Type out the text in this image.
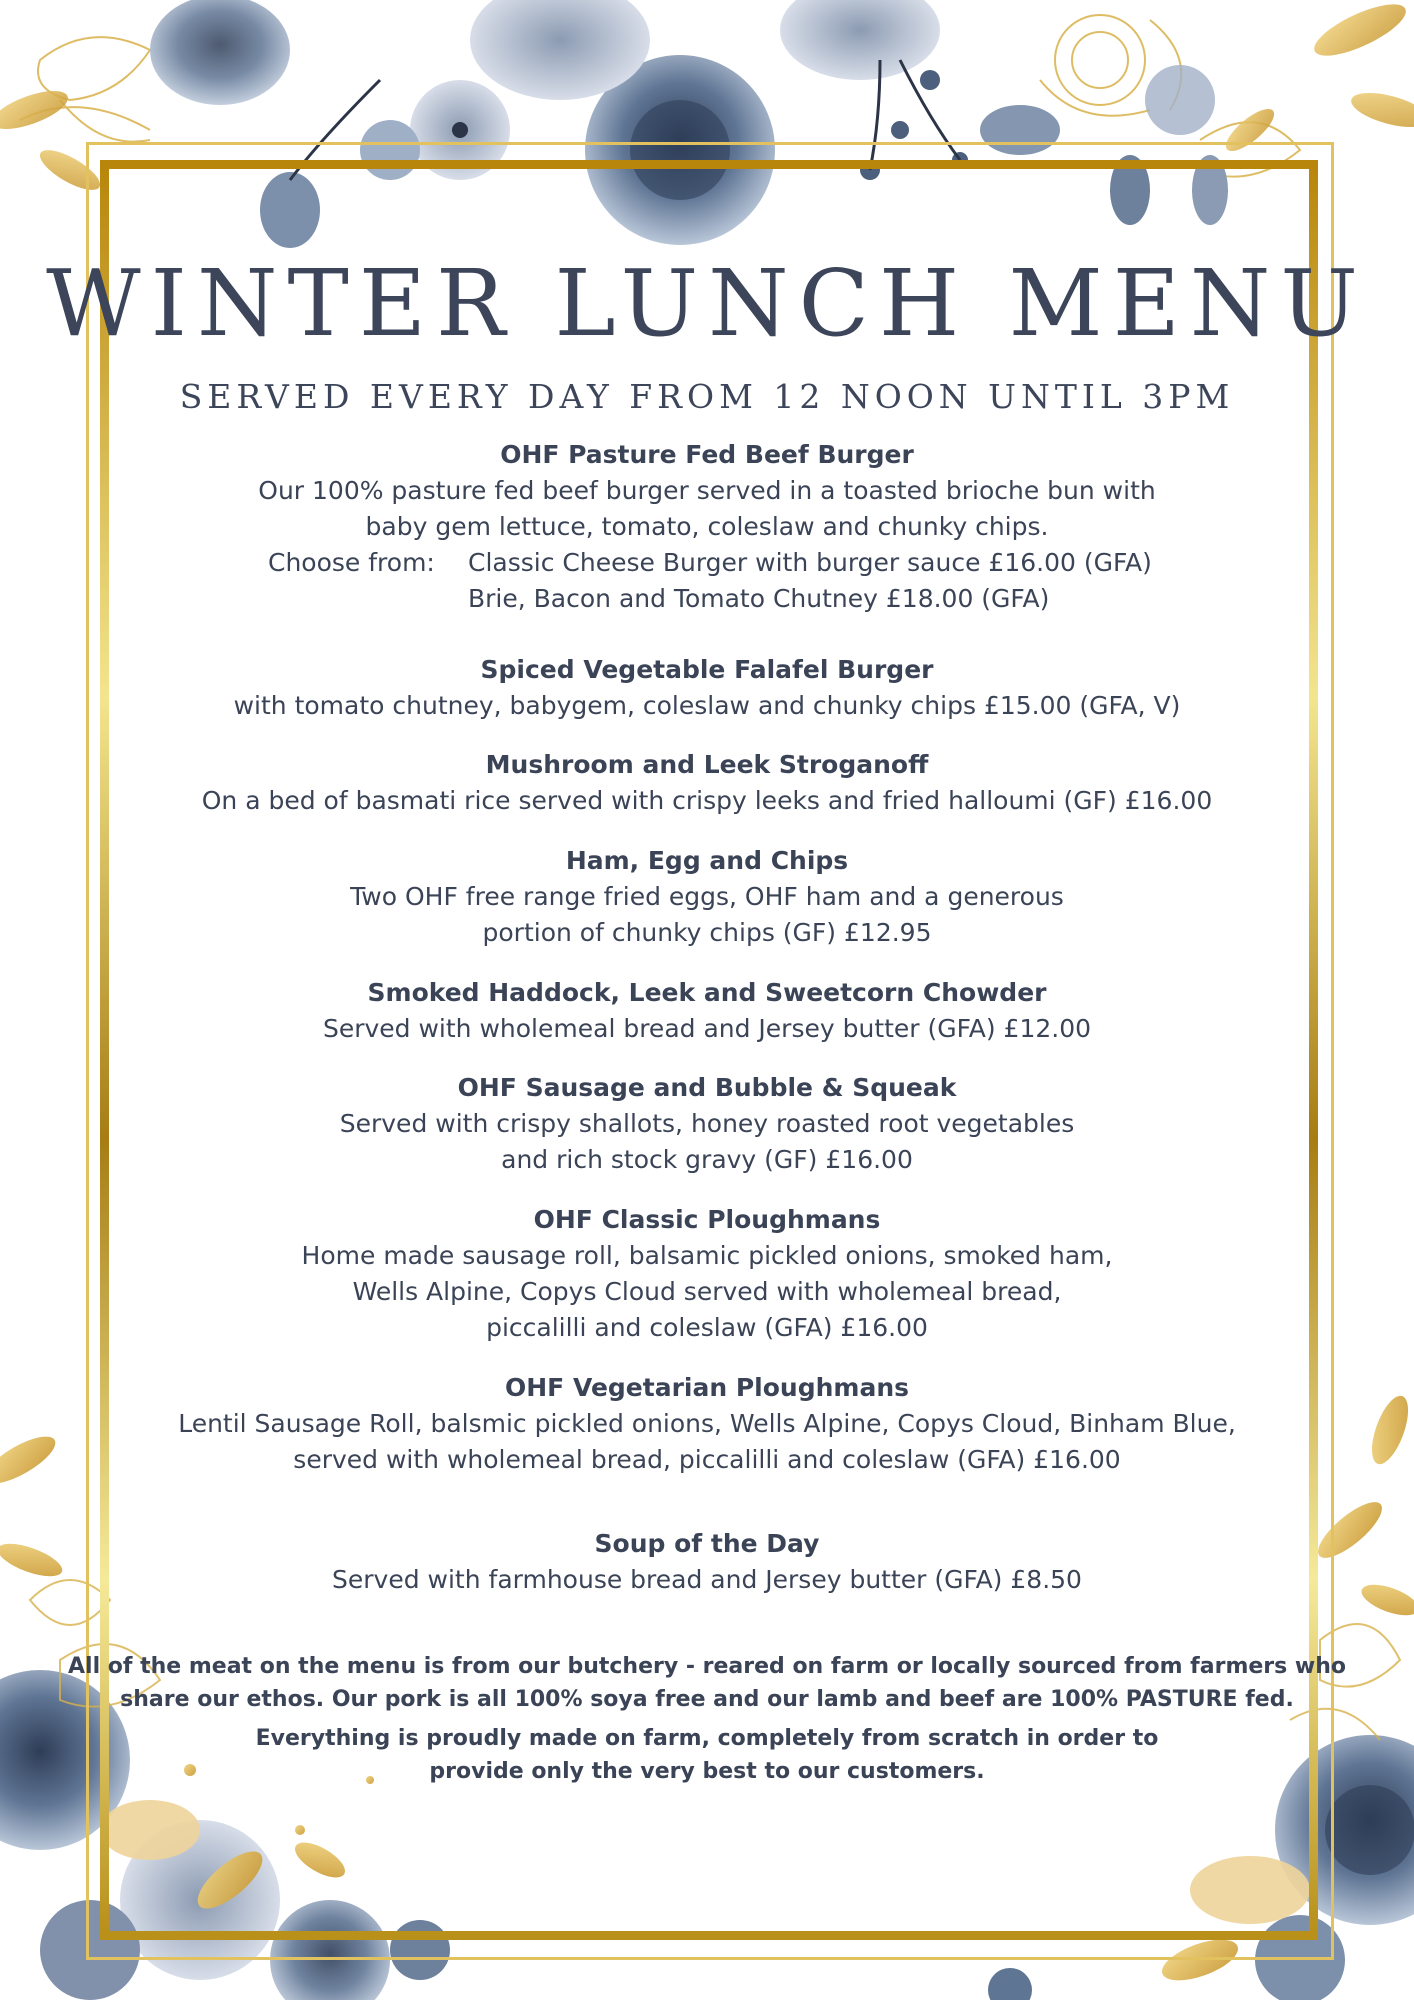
WINTER LUNCH MENU
SERVED EVERY DAY FROM 12 NOON UNTIL 3PM
OHF Pasture Fed Beef Burger
Our 100% pasture fed beef burger served in a toasted brioche bun with
baby gem lettuce, tomato, coleslaw and chunky chips.
Choose from: Classic Cheese Burger with burger sauce £16.00 (GFA)
Brie, Bacon and Tomato Chutney £18.00 (GFA)
Spiced Vegetable Falafel Burger
with tomato chutney, babygem, coleslaw and chunky chips £15.00 (GFA, V)
Mushroom and Leek Stroganoff
On a bed of basmati rice served with crispy leeks and fried halloumi (GF) £16.00
Ham, Egg and Chips
Two OHF free range fried eggs, OHF ham and a generous
portion of chunky chips (GF) £12.95
Smoked Haddock, Leek and Sweetcorn Chowder
Served with wholemeal bread and Jersey butter (GFA) £12.00
OHF Sausage and Bubble & Squeak
Served with crispy shallots, honey roasted root vegetables
and rich stock gravy (GF) £16.00
OHF Classic Ploughmans
Home made sausage roll, balsamic pickled onions, smoked ham,
Wells Alpine, Copys Cloud served with wholemeal bread,
piccalilli and coleslaw (GFA) £16.00
OHF Vegetarian Ploughmans
Lentil Sausage Roll, balsmic pickled onions, Wells Alpine, Copys Cloud, Binham Blue,
served with wholemeal bread, piccalilli and coleslaw (GFA) £16.00
Soup of the Day
Served with farmhouse bread and Jersey butter (GFA) £8.50
All of the meat on the menu is from our butchery - reared on farm or locally sourced from farmers who
share our ethos. Our pork is all 100% soya free and our lamb and beef are 100% PASTURE fed.
Everything is proudly made on farm, completely from scratch in order to
provide only the very best to our customers.
